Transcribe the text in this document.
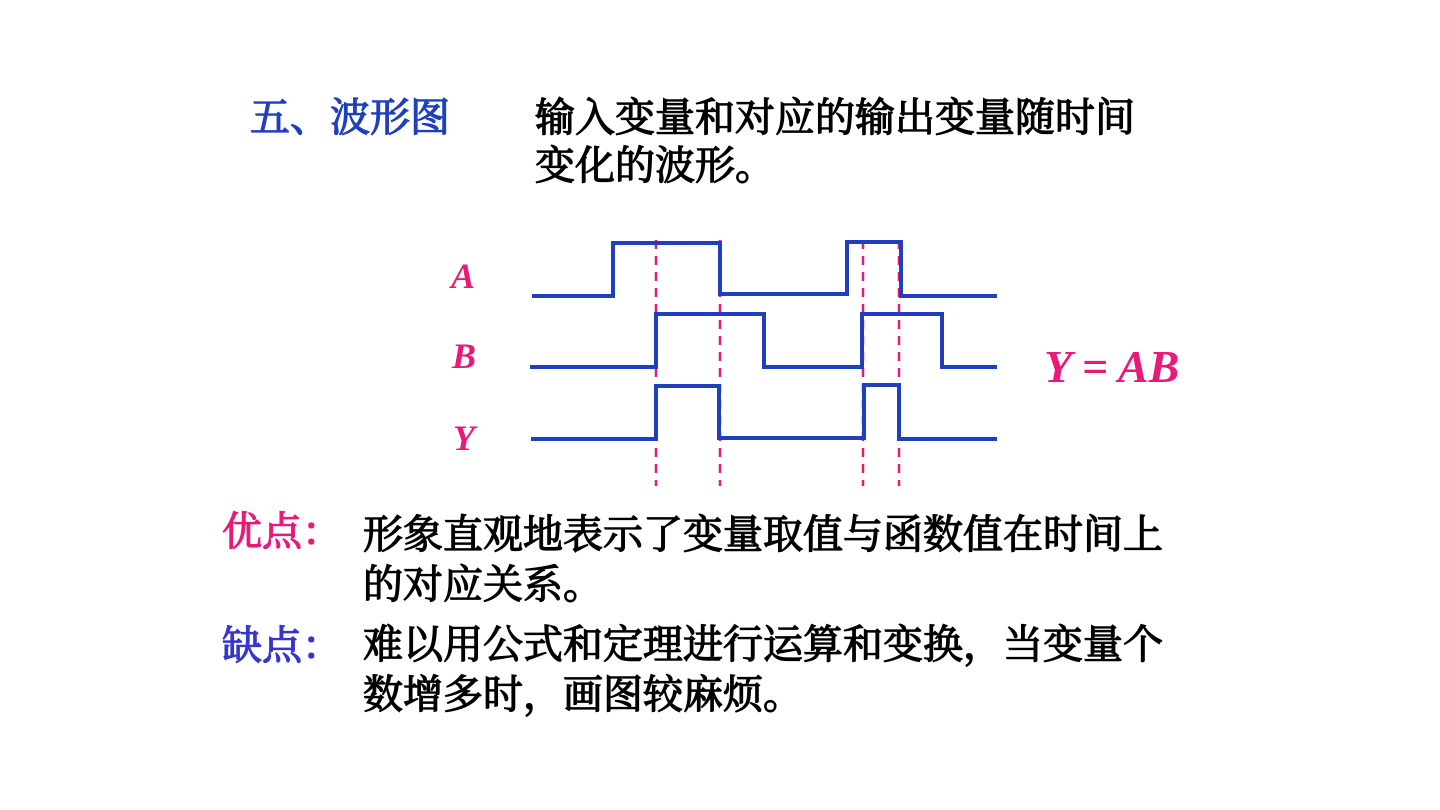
五、波形图 输入变量和对应的输出变量随时间
变化的波形。
A
B
Y
Y = AB
优点： 形象直观地表示了变量取值与函数值在时间上
的对应关系。
缺点： 难以用公式和定理进行运算和变换，当变量个
数增多时，画图较麻烦。
